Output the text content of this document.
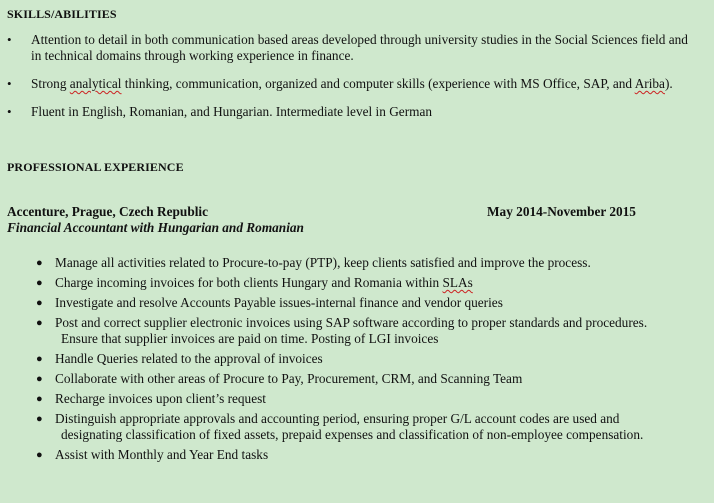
SKILLS/ABILITIES
• Attention to detail in both communication based areas developed through university studies in the Social Sciences field and in technical domains through working experience in finance.
• Strong analytical thinking, communication, organized and computer skills (experience with MS Office, SAP, and Ariba).
• Fluent in English, Romanian, and Hungarian. Intermediate level in German
PROFESSIONAL EXPERIENCE
Accenture, Prague, Czech Republic	May 2014-November 2015
Financial Accountant with Hungarian and Romanian
● Manage all activities related to Procure-to-pay (PTP), keep clients satisfied and improve the process.
● Charge incoming invoices for both clients Hungary and Romania within SLAs
● Investigate and resolve Accounts Payable issues-internal finance and vendor queries
● Post and correct supplier electronic invoices using SAP software according to proper standards and procedures.
Ensure that supplier invoices are paid on time. Posting of LGI invoices
● Handle Queries related to the approval of invoices
● Collaborate with other areas of Procure to Pay, Procurement, CRM, and Scanning Team
● Recharge invoices upon client’s request
● Distinguish appropriate approvals and accounting period, ensuring proper G/L account codes are used and
designating classification of fixed assets, prepaid expenses and classification of non-employee compensation.
● Assist with Monthly and Year End tasks
